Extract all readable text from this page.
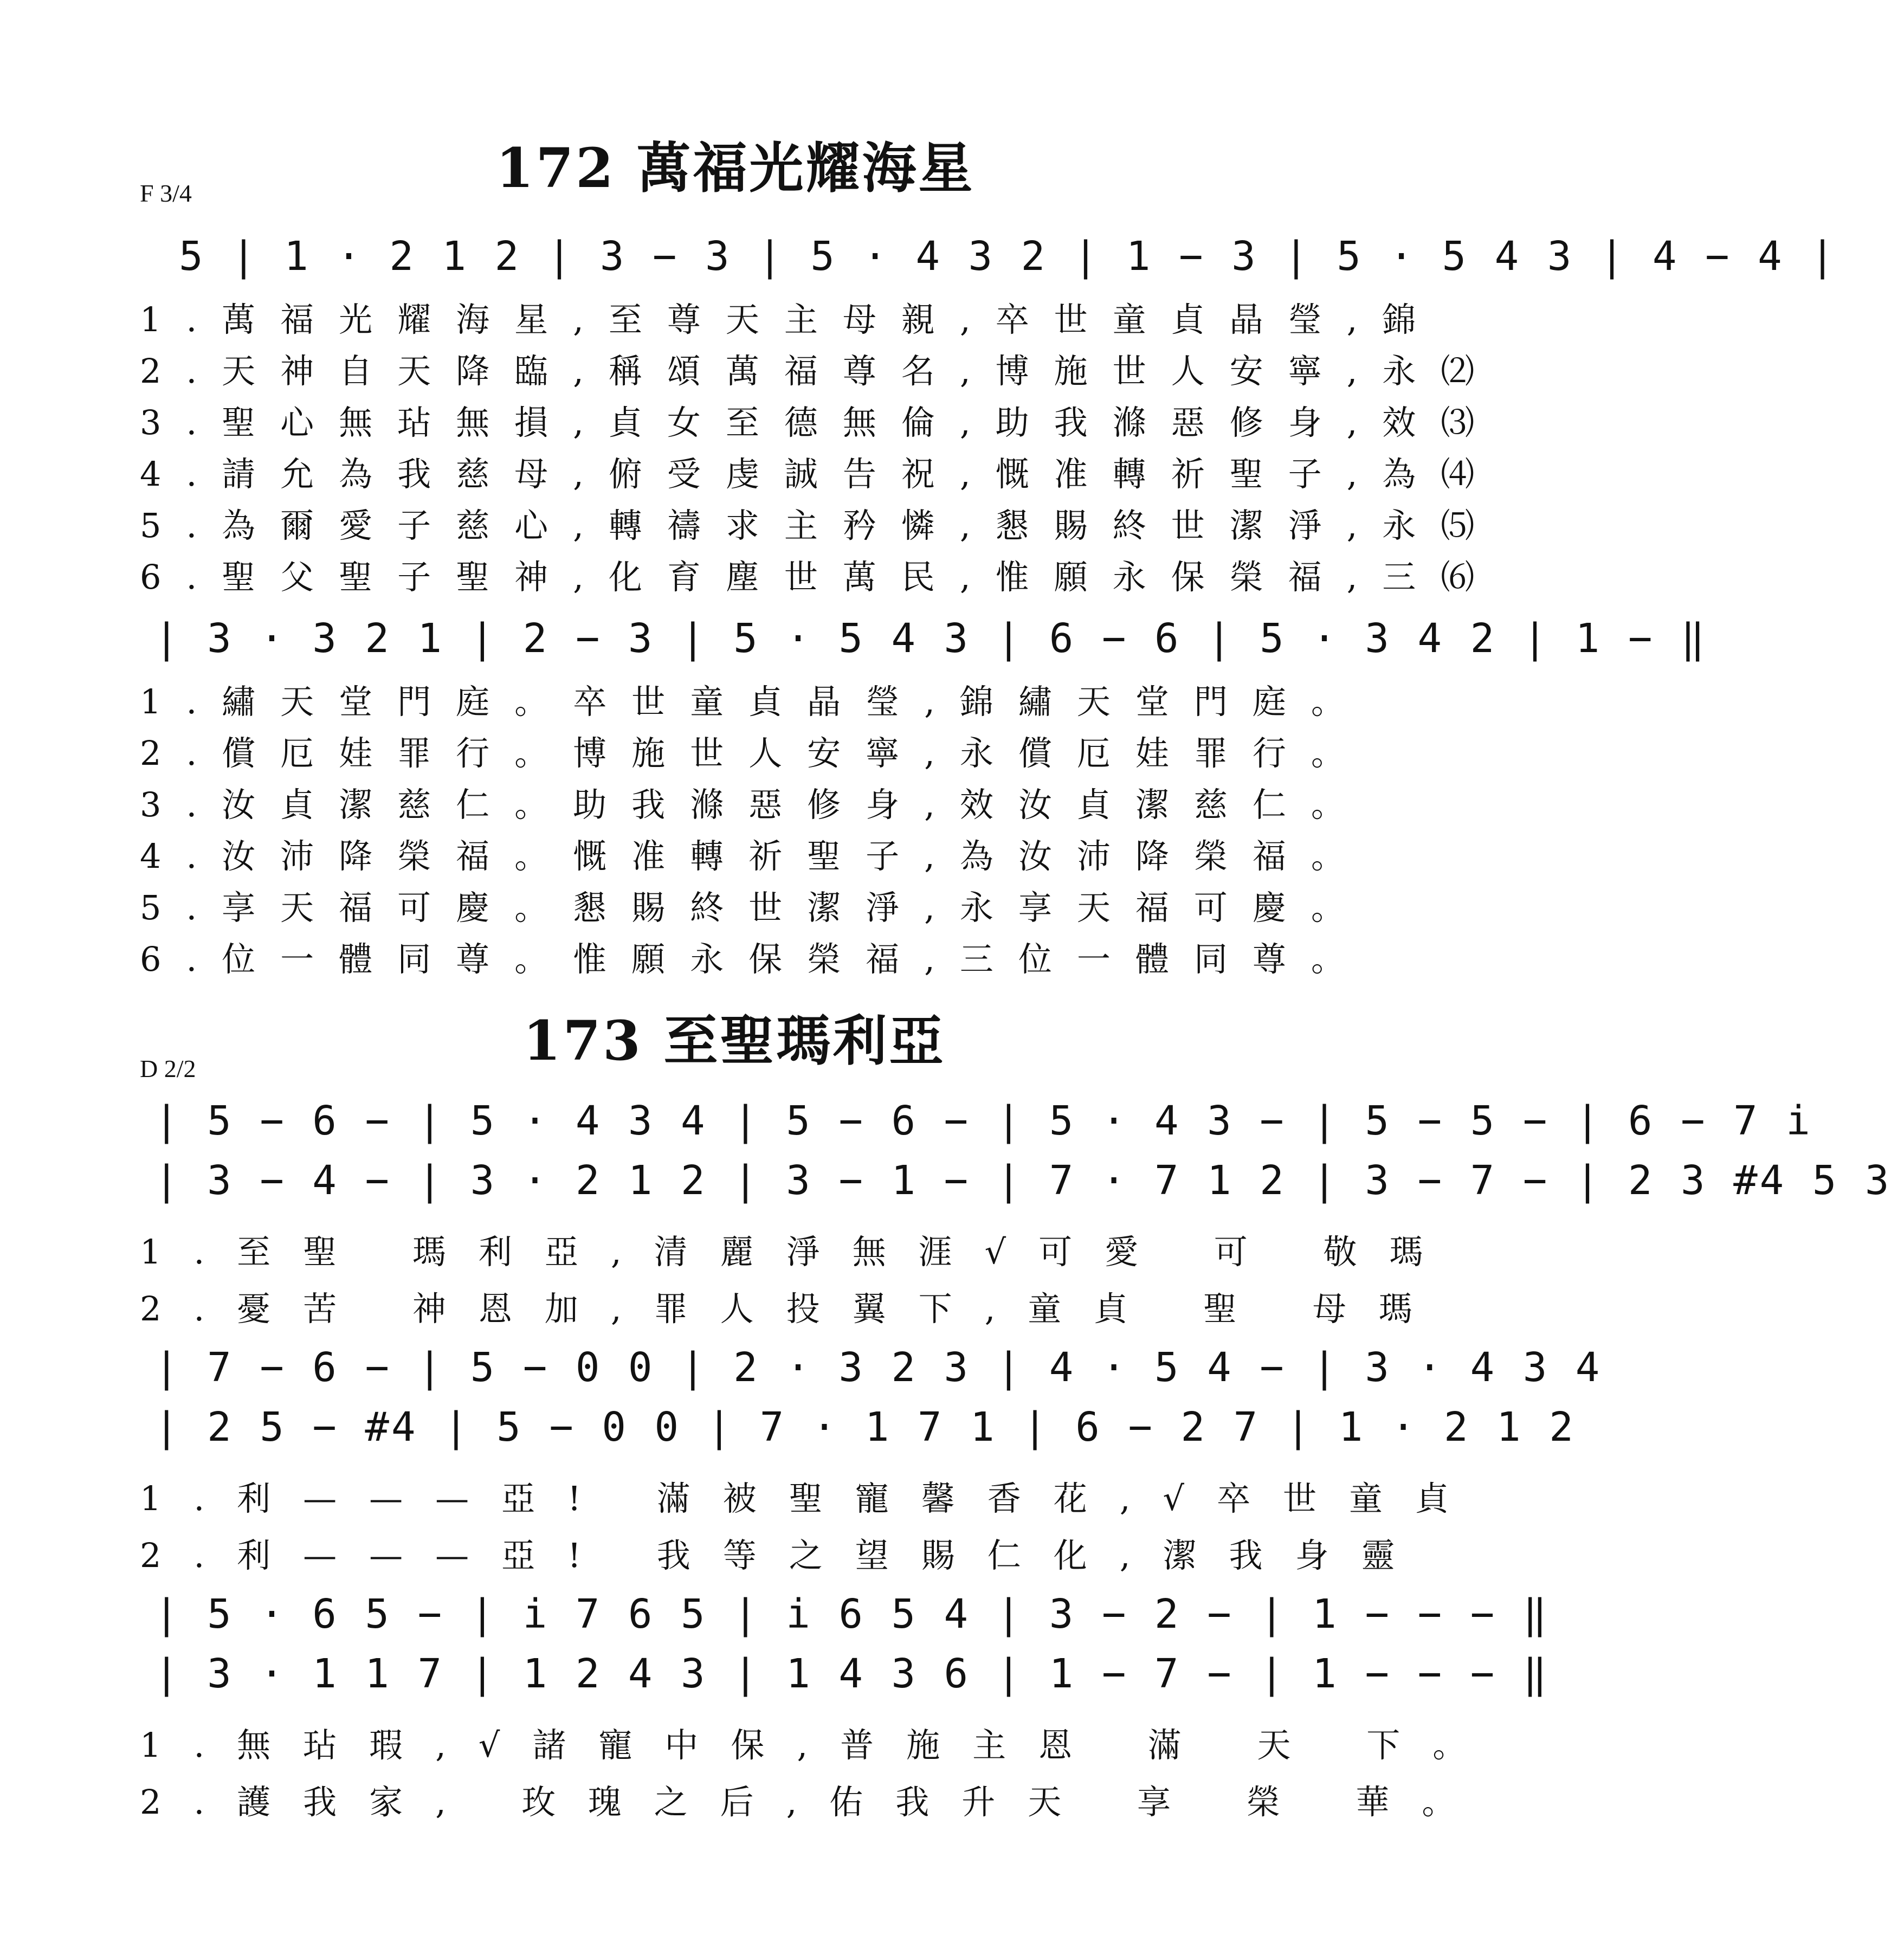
172 萬福光耀海星
F 3/4
5 | 1 · 2 1 2 | 3 − 3 | 5 · 4 3 2 | 1 − 3 | 5 · 5 4 3 | 4 − 4 |
1.萬福光耀海星,至尊天主母親,卒世童貞晶瑩,錦
2.天神自天降臨,稱頌萬福尊名,博施世人安寧,永⑵
3.聖心無玷無損,貞女至德無倫,助我滌惡修身,效⑶
4.請允為我慈母,俯受虔誠告祝,慨准轉祈聖子,為⑷
5.為爾愛子慈心,轉禱求主矜憐,懇賜終世潔淨,永⑸
6.聖父聖子聖神,化育塵世萬民,惟願永保榮福,三⑹
| 3 · 3 2 1 | 2 − 3 | 5 · 5 4 3 | 6 − 6 | 5 · 3 4 2 | 1 − ‖
1.繡天堂門庭。卒世童貞晶瑩,錦繡天堂門庭。
2.償厄娃罪行。博施世人安寧,永償厄娃罪行。
3.汝貞潔慈仁。助我滌惡修身,效汝貞潔慈仁。
4.汝沛降榮福。慨准轉祈聖子,為汝沛降榮福。
5.享天福可慶。懇賜終世潔淨,永享天福可慶。
6.位一體同尊。惟願永保榮福,三位一體同尊。
173 至聖瑪利亞
D 2/2
| 5 − 6 − | 5 · 4 3 4 | 5 − 6 − | 5 · 4 3 − | 5 − 5 − | 6 − 7 i
| 3 − 4 − | 3 · 2 1 2 | 3 − 1 − | 7 · 7 1 2 | 3 − 7 − | 2 3 #4 5 3
1.至聖 瑪利亞,清麗淨無涯√可愛 可 敬瑪
2.憂苦 神恩加,罪人投翼下,童貞 聖 母瑪
| 7 − 6 − | 5 − 0 0 | 2 · 3 2 3 | 4 · 5 4 − | 3 · 4 3 4
| 2 5 − #4 | 5 − 0 0 | 7 · 1 7 1 | 6 − 2 7 | 1 · 2 1 2
1.利———亞! 滿被聖寵馨香花,√卒世童貞
2.利———亞! 我等之望賜仁化,潔我身靈
| 5 · 6 5 − | i 7 6 5 | i 6 5 4 | 3 − 2 − | 1 − − − ‖
| 3 · 1 1 7 | 1 2 4 3 | 1 4 3 6 | 1 − 7 − | 1 − − − ‖
1.無玷瑕,√諸寵中保,普施主恩 滿 天 下。
2.護我家, 玫瑰之后,佑我升天 享 榮 華。
